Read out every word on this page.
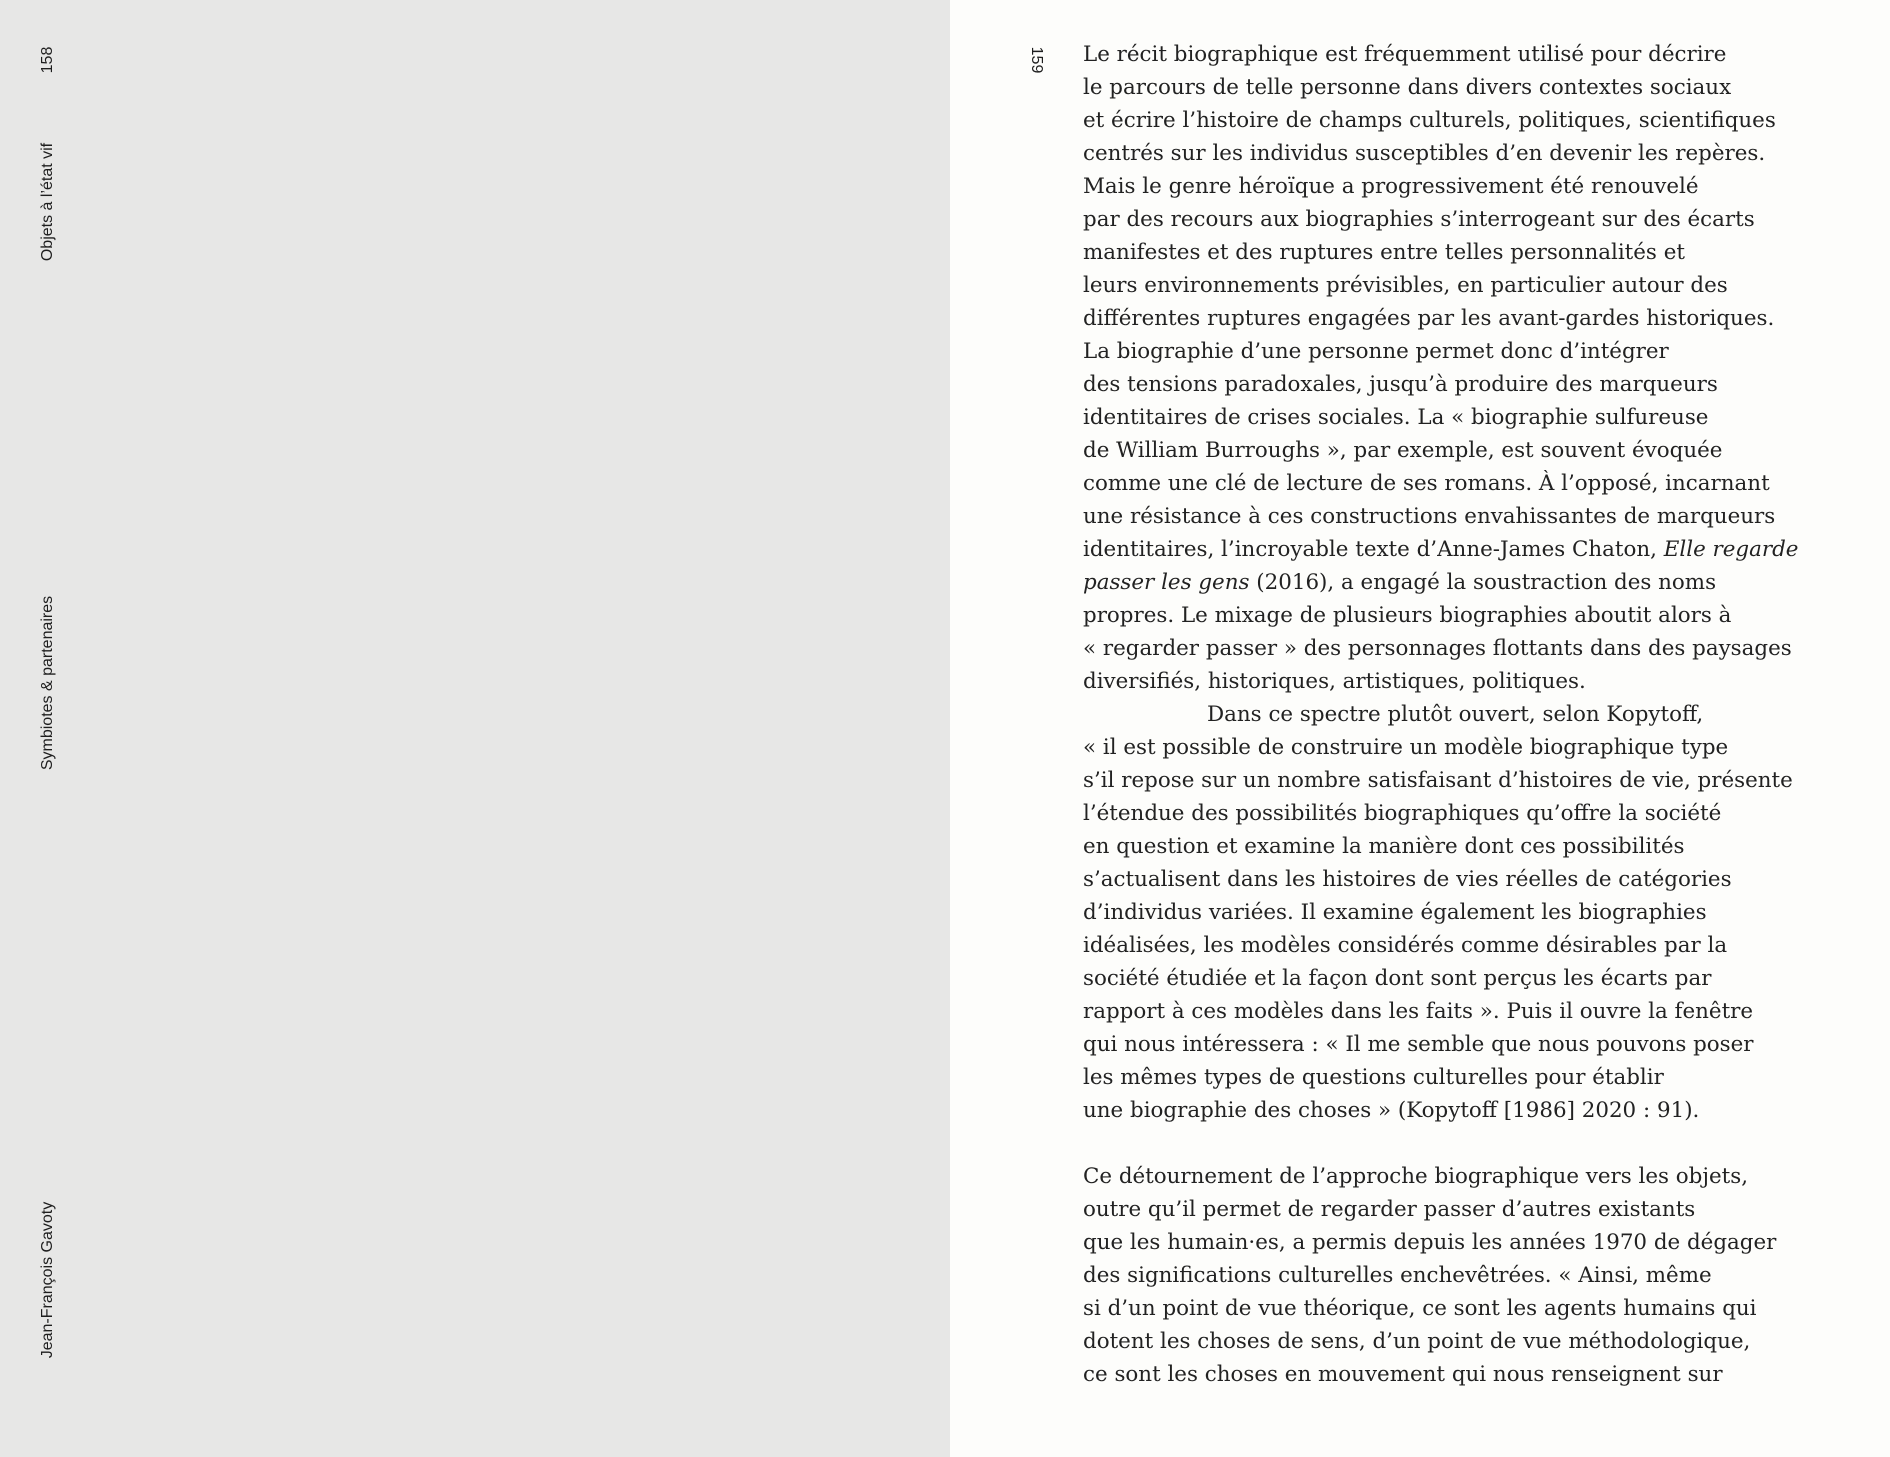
158
Objets à l’état vif
Symbiotes & partenaires
Jean-François Gavoty
159 Le récit biographique est fréquemment utilisé pour décrire
le parcours de telle personne dans divers contextes sociaux
et écrire l’histoire de champs culturels, politiques, scientifiques
centrés sur les individus susceptibles d’en devenir les repères.
Mais le genre héroïque a progressivement été renouvelé
par des recours aux biographies s’interrogeant sur des écarts
manifestes et des ruptures entre telles personnalités et
leurs environnements prévisibles, en particulier autour des
différentes ruptures engagées par les avant-gardes historiques.
La biographie d’une personne permet donc d’intégrer
des tensions paradoxales, jusqu’à produire des marqueurs
identitaires de crises sociales. La « biographie sulfureuse
de William Burroughs », par exemple, est souvent évoquée
comme une clé de lecture de ses romans. À l’opposé, incarnant
une résistance à ces constructions envahissantes de marqueurs
identitaires, l’incroyable texte d’Anne-James Chaton, Elle regarde
passer les gens (2016), a engagé la soustraction des noms
propres. Le mixage de plusieurs biographies aboutit alors à
« regarder passer » des personnages flottants dans des paysages
diversifiés, historiques, artistiques, politiques.

Dans ce spectre plutôt ouvert, selon Kopytoff,
« il est possible de construire un modèle biographique type
s’il repose sur un nombre satisfaisant d’histoires de vie, présente
l’étendue des possibilités biographiques qu’offre la société
en question et examine la manière dont ces possibilités
s’actualisent dans les histoires de vies réelles de catégories
d’individus variées. Il examine également les biographies
idéalisées, les modèles considérés comme désirables par la
société étudiée et la façon dont sont perçus les écarts par
rapport à ces modèles dans les faits ». Puis il ouvre la fenêtre
qui nous intéressera : « Il me semble que nous pouvons poser
les mêmes types de questions culturelles pour établir
une biographie des choses » (Kopytoff [1986] 2020 : 91).

Ce détournement de l’approche biographique vers les objets,
outre qu’il permet de regarder passer d’autres existants
que les humain·es, a permis depuis les années 1970 de dégager
des significations culturelles enchevêtrées. « Ainsi, même
si d’un point de vue théorique, ce sont les agents humains qui
dotent les choses de sens, d’un point de vue méthodologique,
ce sont les choses en mouvement qui nous renseignent sur
